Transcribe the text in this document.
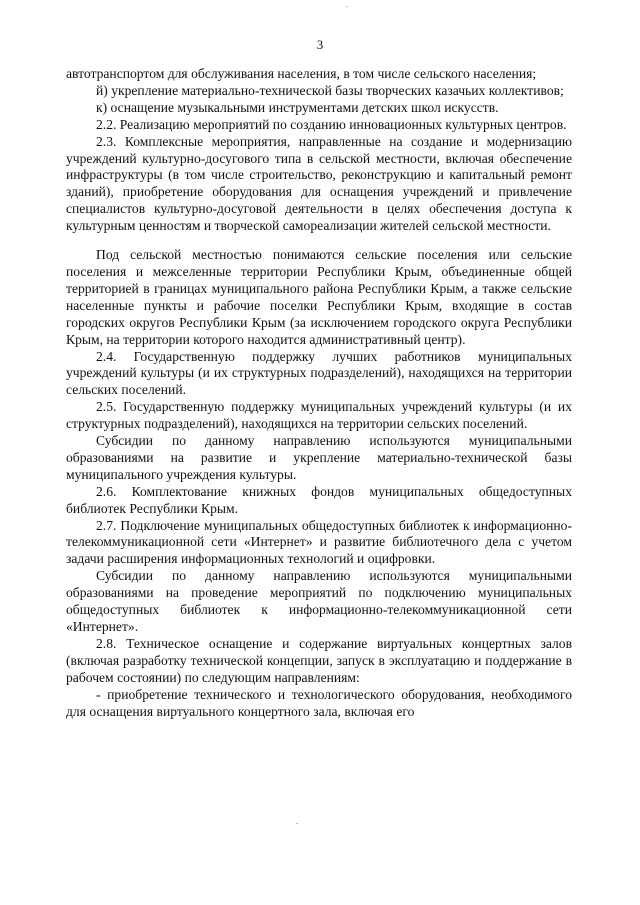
3

автотранспортом для обслуживания населения, в том числе сельского населения;

й) укрепление материально-технической базы творческих казачьих коллективов;

к) оснащение музыкальными инструментами детских школ искусств.

2.2. Реализацию мероприятий по созданию инновационных культурных центров.

2.3. Комплексные мероприятия, направленные на создание и модернизацию учреждений культурно-досугового типа в сельской местности, включая обеспечение инфраструктуры (в том числе строительство, реконструкцию и капитальный ремонт зданий), приобретение оборудования для оснащения учреждений и привлечение специалистов культурно-досуговой деятельности в целях обеспечения доступа к культурным ценностям и творческой самореализации жителей сельской местности.

Под сельской местностью понимаются сельские поселения или сельские поселения и межселенные территории Республики Крым, объединенные общей территорией в границах муниципального района Республики Крым, а также сельские населенные пункты и рабочие поселки Республики Крым, входящие в состав городских округов Республики Крым (за исключением городского округа Республики Крым, на территории которого находится административный центр).

2.4. Государственную поддержку лучших работников муниципальных учреждений культуры (и их структурных подразделений), находящихся на территории сельских поселений.

2.5. Государственную поддержку муниципальных учреждений культуры (и их структурных подразделений), находящихся на территории сельских поселений.

Субсидии по данному направлению используются муниципальными образованиями на развитие и укрепление материально-технической базы муниципального учреждения культуры.

2.6. Комплектование книжных фондов муниципальных общедоступных библиотек Республики Крым.

2.7. Подключение муниципальных общедоступных библиотек к информационно-телекоммуникационной сети «Интернет» и развитие библиотечного дела с учетом задачи расширения информационных технологий и оцифровки.

Субсидии по данному направлению используются муниципальными образованиями на проведение мероприятий по подключению муниципальных общедоступных библиотек к информационно-телекоммуникационной сети «Интернет».

2.8. Техническое оснащение и содержание виртуальных концертных залов (включая разработку технической концепции, запуск в эксплуатацию и поддержание в рабочем состоянии) по следующим направлениям:

- приобретение технического и технологического оборудования, необходимого для оснащения виртуального концертного зала, включая его
